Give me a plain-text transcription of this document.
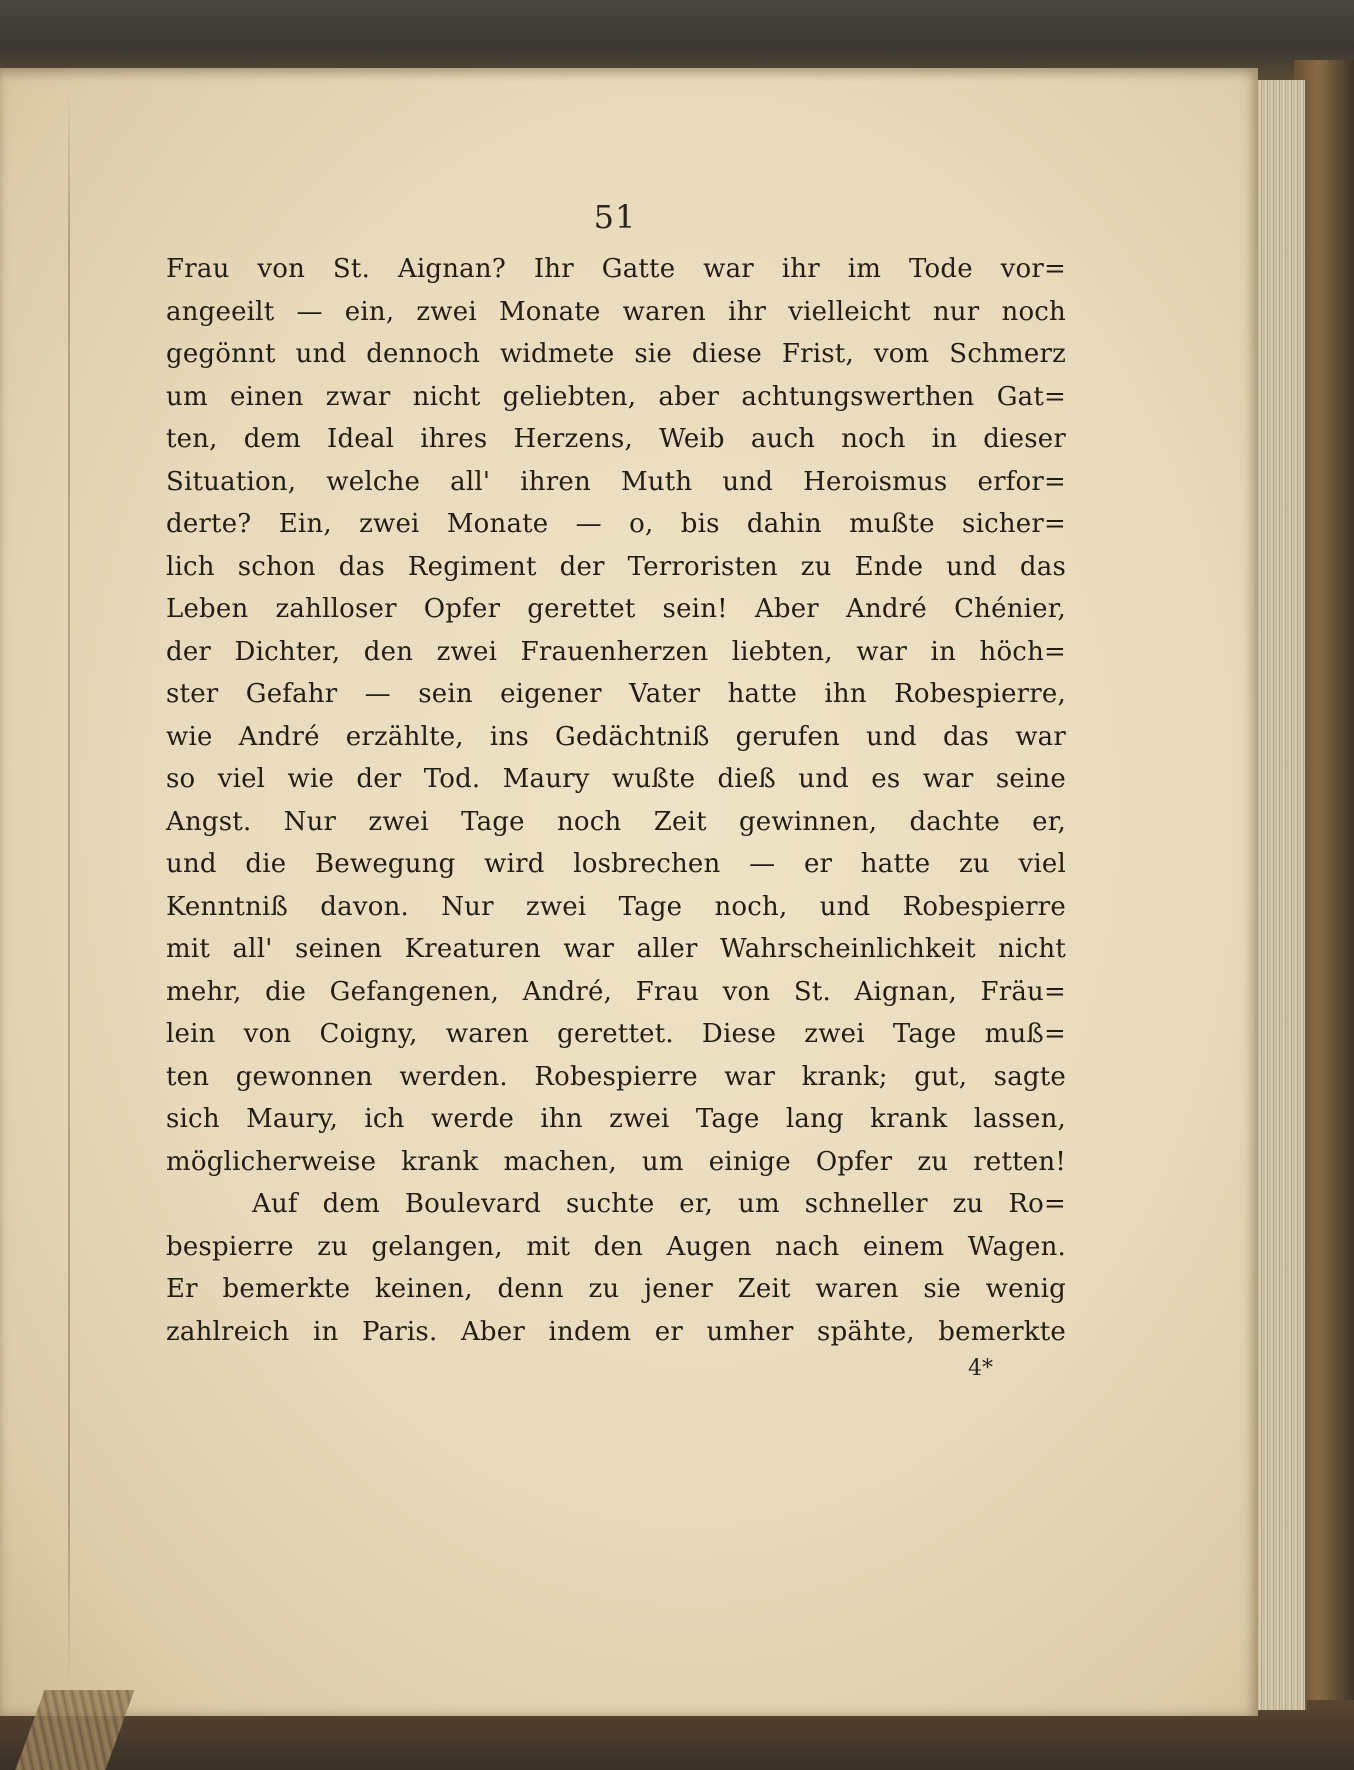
51
Frau von St. Aignan? Ihr Gatte war ihr im Tode vor=
angeeilt — ein, zwei Monate waren ihr vielleicht nur noch
gegönnt und dennoch widmete sie diese Frist, vom Schmerz
um einen zwar nicht geliebten, aber achtungswerthen Gat=
ten, dem Ideal ihres Herzens, Weib auch noch in dieser
Situation, welche all' ihren Muth und Heroismus erfor=
derte? Ein, zwei Monate — o, bis dahin mußte sicher=
lich schon das Regiment der Terroristen zu Ende und das
Leben zahlloser Opfer gerettet sein! Aber André Chénier,
der Dichter, den zwei Frauenherzen liebten, war in höch=
ster Gefahr — sein eigener Vater hatte ihn Robespierre,
wie André erzählte, ins Gedächtniß gerufen und das war
so viel wie der Tod. Maury wußte dieß und es war seine
Angst. Nur zwei Tage noch Zeit gewinnen, dachte er,
und die Bewegung wird losbrechen — er hatte zu viel
Kenntniß davon. Nur zwei Tage noch, und Robespierre
mit all' seinen Kreaturen war aller Wahrscheinlichkeit nicht
mehr, die Gefangenen, André, Frau von St. Aignan, Fräu=
lein von Coigny, waren gerettet. Diese zwei Tage muß=
ten gewonnen werden. Robespierre war krank; gut, sagte
sich Maury, ich werde ihn zwei Tage lang krank lassen,
möglicherweise krank machen, um einige Opfer zu retten!
Auf dem Boulevard suchte er, um schneller zu Ro=
bespierre zu gelangen, mit den Augen nach einem Wagen.
Er bemerkte keinen, denn zu jener Zeit waren sie wenig
zahlreich in Paris. Aber indem er umher spähte, bemerkte
4*
